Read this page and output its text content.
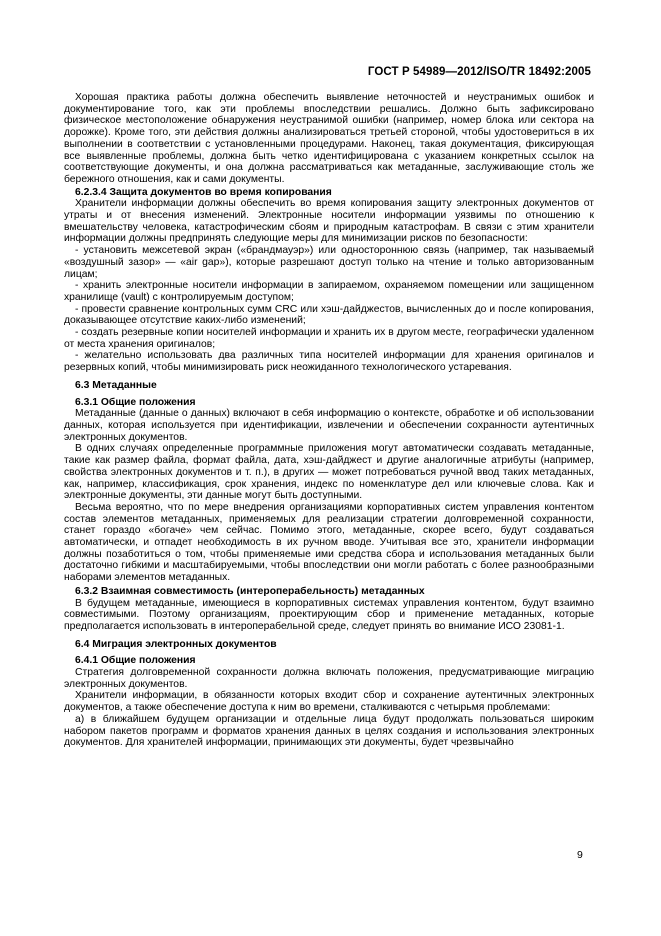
ГОСТ Р 54989—2012/ISO/TR 18492:2005

Хорошая практика работы должна обеспечить выявление неточностей и неустранимых ошибок и документирование того, как эти проблемы впоследствии решались. Должно быть зафиксировано физическое местоположение обнаружения неустранимой ошибки (например, номер блока или сектора на дорожке). Кроме того, эти действия должны анализироваться третьей стороной, чтобы удостовериться в их выполнении в соответствии с установленными процедурами. Наконец, такая документация, фиксирующая все выявленные проблемы, должна быть четко идентифицирована с указанием конкретных ссылок на соответствующие документы, и она должна рассматриваться как метаданные, заслуживающие столь же бережного отношения, как и сами документы.

6.2.3.4 Защита документов во время копирования

Хранители информации должны обеспечить во время копирования защиту электронных документов от утраты и от внесения изменений. Электронные носители информации уязвимы по отношению к вмешательству человека, катастрофическим сбоям и природным катастрофам. В связи с этим хранители информации должны предпринять следующие меры для минимизации рисков по безопасности:

- установить межсетевой экран («брандмауэр») или одностороннюю связь (например, так называемый «воздушный зазор» — «air gap»), которые разрешают доступ только на чтение и только авторизованным лицам;

- хранить электронные носители информации в запираемом, охраняемом помещении или защищенном хранилище (vault) с контролируемым доступом;

- провести сравнение контрольных сумм CRC или хэш-дайджестов, вычисленных до и после копирования, доказывающее отсутствие каких-либо изменений;

- создать резервные копии носителей информации и хранить их в другом месте, географически удаленном от места хранения оригиналов;

- желательно использовать два различных типа носителей информации для хранения оригиналов и резервных копий, чтобы минимизировать риск неожиданного технологического устаревания.

6.3 Метаданные
6.3.1 Общие положения

Метаданные (данные о данных) включают в себя информацию о контексте, обработке и об использовании данных, которая используется при идентификации, извлечении и обеспечении сохранности аутентичных электронных документов.

В одних случаях определенные программные приложения могут автоматически создавать метаданные, такие как размер файла, формат файла, дата, хэш-дайджест и другие аналогичные атрибуты (например, свойства электронных документов и т. п.), в других — может потребоваться ручной ввод таких метаданных, как, например, классификация, срок хранения, индекс по номенклатуре дел или ключевые слова. Как и электронные документы, эти данные могут быть доступными.

Весьма вероятно, что по мере внедрения организациями корпоративных систем управления контентом состав элементов метаданных, применяемых для реализации стратегии долговременной сохранности, станет гораздо «богаче» чем сейчас. Помимо этого, метаданные, скорее всего, будут создаваться автоматически, и отпадет необходимость в их ручном вводе. Учитывая все это, хранители информации должны позаботиться о том, чтобы применяемые ими средства сбора и использования метаданных были достаточно гибкими и масштабируемыми, чтобы впоследствии они могли работать с более разнообразными наборами элементов метаданных.

6.3.2 Взаимная совместимость (интероперабельность) метаданных

В будущем метаданные, имеющиеся в корпоративных системах управления контентом, будут взаимно совместимыми. Поэтому организациям, проектирующим сбор и применение метаданных, которые предполагается использовать в интероперабельной среде, следует принять во внимание ИСО 23081-1.

6.4 Миграция электронных документов
6.4.1 Общие положения

Стратегия долговременной сохранности должна включать положения, предусматривающие миграцию электронных документов.

Хранители информации, в обязанности которых входит сбор и сохранение аутентичных электронных документов, а также обеспечение доступа к ним во времени, сталкиваются с четырьмя проблемами:

а) в ближайшем будущем организации и отдельные лица будут продолжать пользоваться широким набором пакетов программ и форматов хранения данных в целях создания и использования электронных документов. Для хранителей информации, принимающих эти документы, будет чрезвычайно

9
